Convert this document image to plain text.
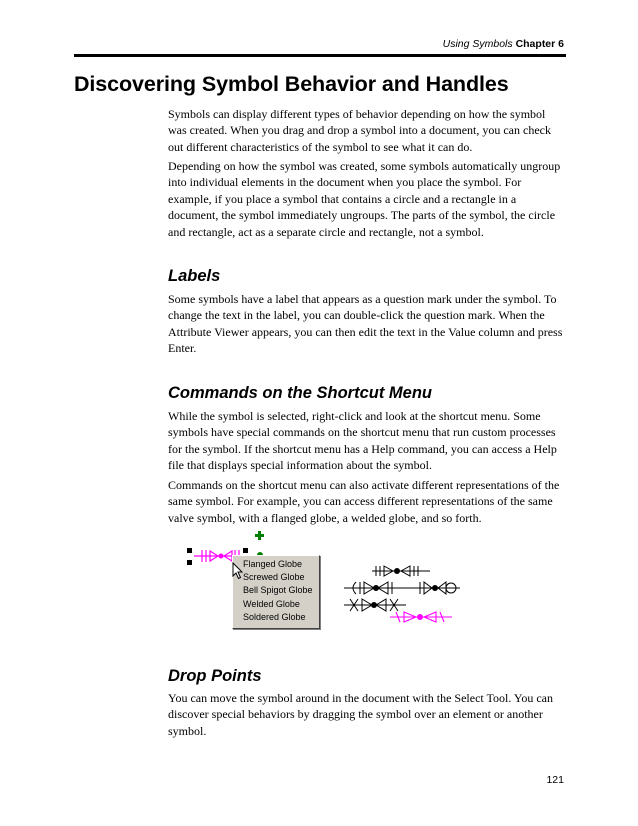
Using Symbols Chapter 6
Discovering Symbol Behavior and Handles

Symbols can display different types of behavior depending on how the symbol was created. When you drag and drop a symbol into a document, you can check out different characteristics of the symbol to see what it can do.

Depending on how the symbol was created, some symbols automatically ungroup into individual elements in the document when you place the symbol. For example, if you place a symbol that contains a circle and a rectangle in a document, the symbol immediately ungroups. The parts of the symbol, the circle and rectangle, act as a separate circle and rectangle, not a symbol.

Labels

Some symbols have a label that appears as a question mark under the symbol. To change the text in the label, you can double-click the question mark. When the Attribute Viewer appears, you can then edit the text in the Value column and press Enter.

Commands on the Shortcut Menu

While the symbol is selected, right-click and look at the shortcut menu. Some symbols have special commands on the shortcut menu that run custom processes for the symbol. If the shortcut menu has a Help command, you can access a Help file that displays special information about the symbol.

Commands on the shortcut menu can also activate different representations of the same symbol. For example, you can access different representations of the same valve symbol, with a flanged globe, a welded globe, and so forth.

Flanged Globe
Screwed Globe
Bell Spigot Globe
Welded Globe
Soldered Globe
Drop Points

You can move the symbol around in the document with the Select Tool. You can discover special behaviors by dragging the symbol over an element or another symbol.

121
